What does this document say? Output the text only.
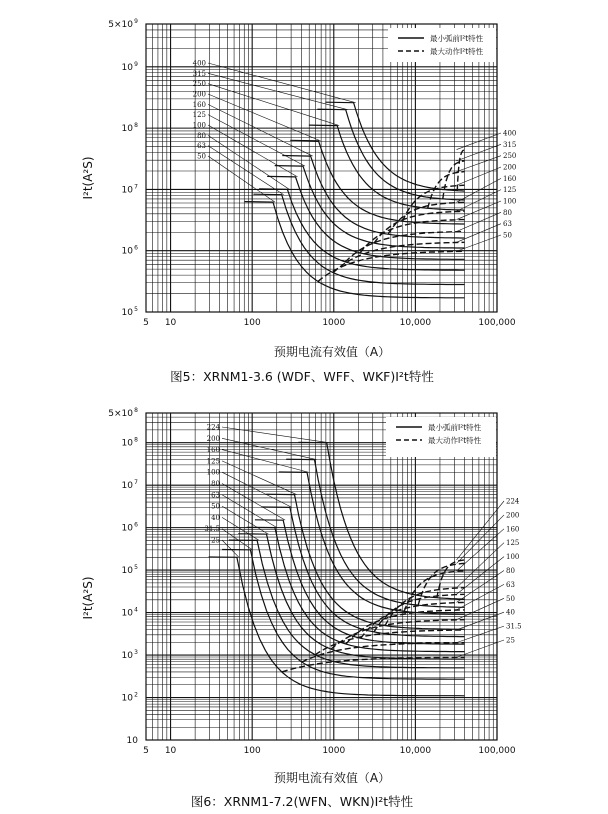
最小弧前I²t特性
最大动作I²t特性
50
50
63
63
80
80
100
100
125
125
160
160
200
200
250
250
315
315
400
400
5 10	100	1000	10,000	100,000
10 5
10 6
10 7
10 8
10 9
5×10 9
预期电流有效值（A）
I²t(A²S)
图5：XRNM1-3.6 (WDF、WFF、WKF)I²t特性
最小弧前I²t特性
最大动作I²t特性
25
25
31.5
31.5
40
40
50
50
63
63
80
80
100
100
125
125
160
160
200
200
224
224
5 10	100	1000	10,000	100,000
10
10 2
10 3
10 4
10 5
10 6
10 7
10 8
5×10 8
预期电流有效值（A）
I²t(A²S)
图6：XRNM1-7.2(WFN、WKN)I²t特性
